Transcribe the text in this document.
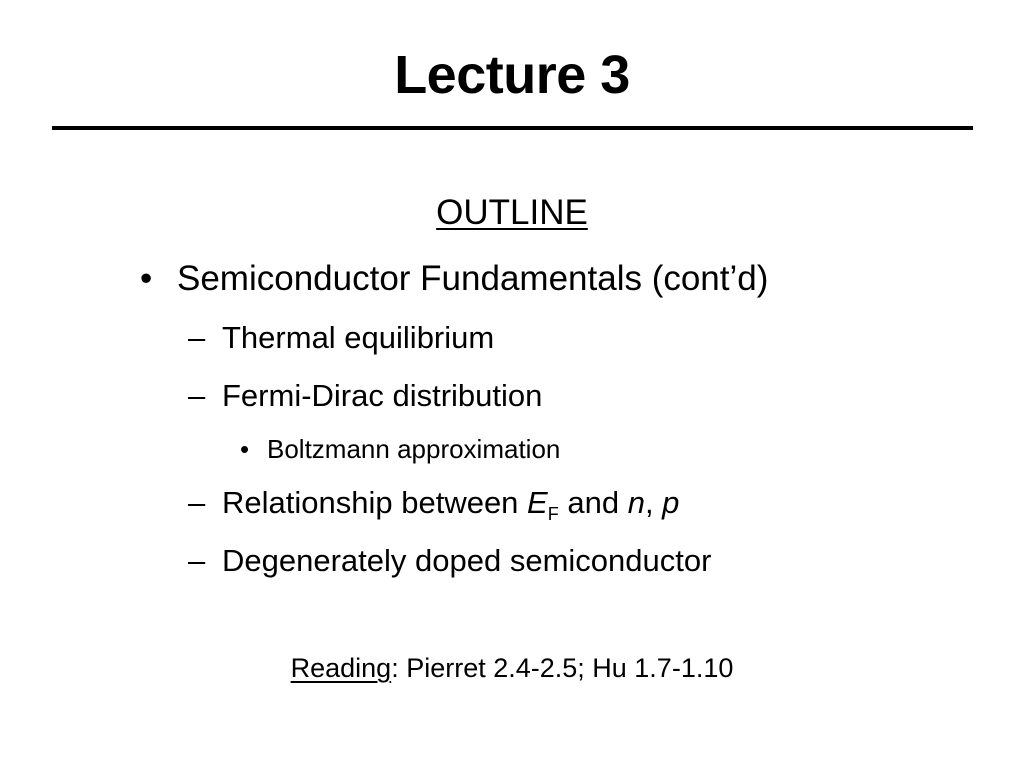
Lecture 3
OUTLINE
• Semiconductor Fundamentals (cont’d)
– Thermal equilibrium
– Fermi-Dirac distribution
• Boltzmann approximation
– Relationship between $E_F$ and n, p
– Degenerately doped semiconductor
Reading: Pierret 2.4-2.5; Hu 1.7-1.10
